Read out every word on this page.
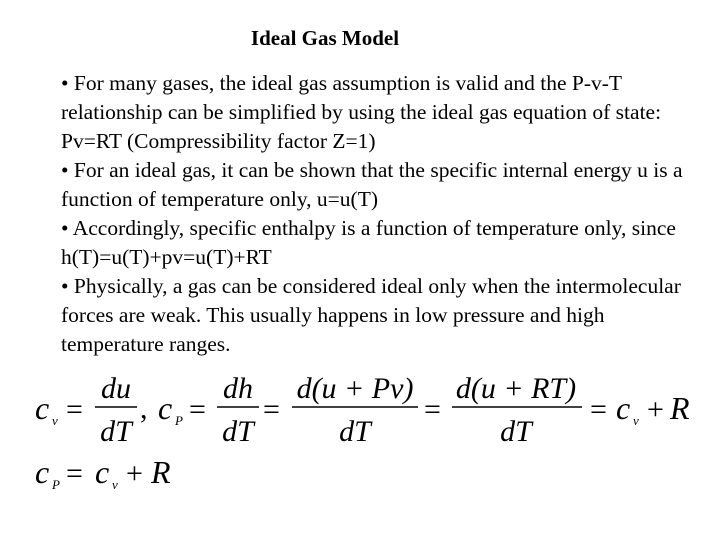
Ideal Gas Model
• For many gases, the ideal gas assumption is valid and the P-v-T relationship can be simplified by using the ideal gas equation of state: Pv=RT (Compressibility factor Z=1)
• For an ideal gas, it can be shown that the specific internal energy u is a function of temperature only, u=u(T)
• Accordingly, specific enthalpy is a function of temperature only, since h(T)=u(T)+pv=u(T)+RT
• Physically, a gas can be considered ideal only when the intermolecular forces are weak. This usually happens in low pressure and high temperature ranges.
c v =
du
dT
, c P =
dh
dT
=
d(u + Pv)
dT
=
d(u + RT)
dT
= c v + R
c P = c v + R
